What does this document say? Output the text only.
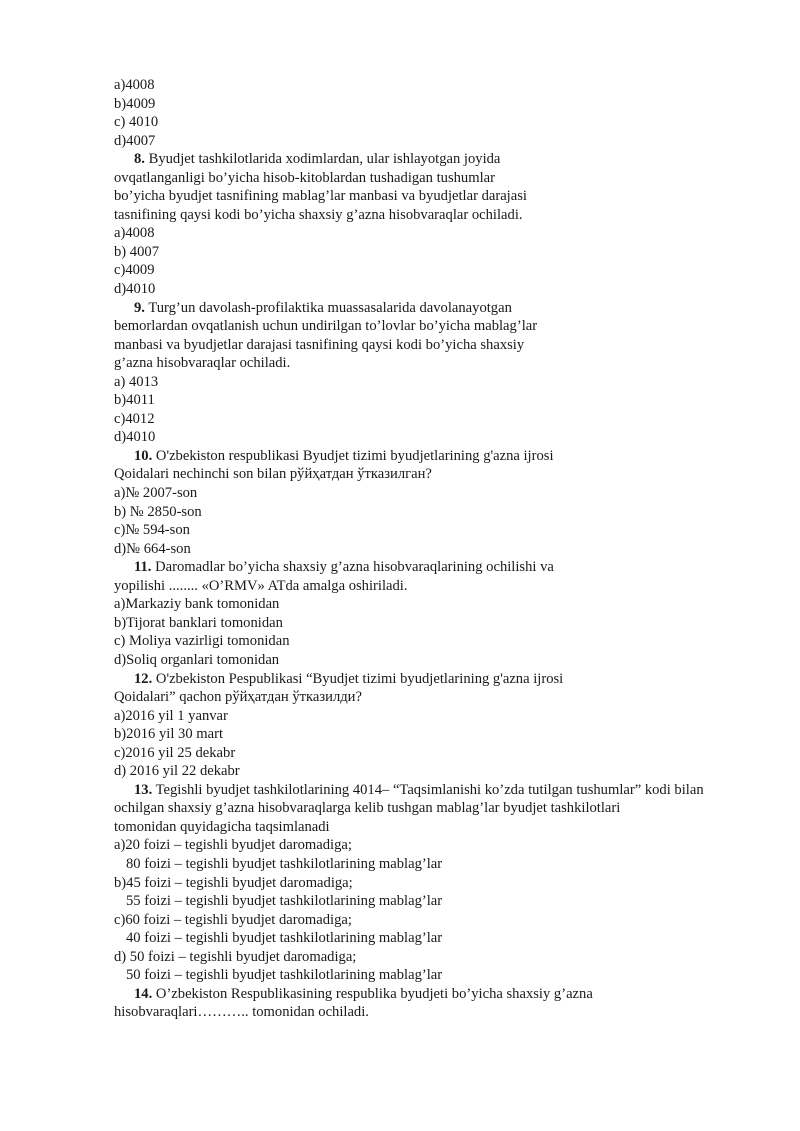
a)4008
b)4009
c) 4010
d)4007
8. Byudjet tashkilotlarida xodimlardan, ular ishlayotgan joyida
ovqatlanganligi bo’yicha hisob-kitoblardan tushadigan tushumlar
bo’yicha byudjet tasnifining mablag’lar manbasi va byudjetlar darajasi
tasnifining qaysi kodi bo’yicha shaxsiy g’azna hisobvaraqlar ochiladi.
a)4008
b) 4007
c)4009
d)4010
9. Turg’un davolash-profilaktika muassasalarida davolanayotgan
bemorlardan ovqatlanish uchun undirilgan to’lovlar bo’yicha mablag’lar
manbasi va byudjetlar darajasi tasnifining qaysi kodi bo’yicha shaxsiy
g’azna hisobvaraqlar ochiladi.
a) 4013
b)4011
c)4012
d)4010
10. O'zbekiston respublikasi Byudjet tizimi byudjetlarining g'azna ijrosi
Qoidalari nechinchi son bilan рўйҳатдан ўтказилган?
a)№ 2007-son
b) № 2850-son
c)№ 594-son
d)№ 664-son
11. Daromadlar bo’yicha shaxsiy g’azna hisobvaraqlarining ochilishi va
yopilishi ........ «O’RMV» ATda amalga oshiriladi.
a)Markaziy bank tomonidan
b)Tijorat banklari tomonidan
c) Moliya vazirligi tomonidan
d)Soliq organlari tomonidan
12. O'zbekiston Pespublikasi “Byudjet tizimi byudjetlarining g'azna ijrosi
Qoidalari” qachon рўйҳатдан ўтказилди?
a)2016 yil 1 yanvar
b)2016 yil 30 mart
c)2016 yil 25 dekabr
d) 2016 yil 22 dekabr
13. Tegishli byudjet tashkilotlarining 4014– “Taqsimlanishi ko’zda tutilgan tushumlar” kodi bilan
ochilgan shaxsiy g’azna hisobvaraqlarga kelib tushgan mablag’lar byudjet tashkilotlari
tomonidan quyidagicha taqsimlanadi
a)20 foizi – tegishli byudjet daromadiga;
80 foizi – tegishli byudjet tashkilotlarining mablag’lar
b)45 foizi – tegishli byudjet daromadiga;
55 foizi – tegishli byudjet tashkilotlarining mablag’lar
c)60 foizi – tegishli byudjet daromadiga;
40 foizi – tegishli byudjet tashkilotlarining mablag’lar
d) 50 foizi – tegishli byudjet daromadiga;
50 foizi – tegishli byudjet tashkilotlarining mablag’lar
14. O’zbekiston Respublikasining respublika byudjeti bo’yicha shaxsiy g’azna
hisobvaraqlari……….. tomonidan ochiladi.
